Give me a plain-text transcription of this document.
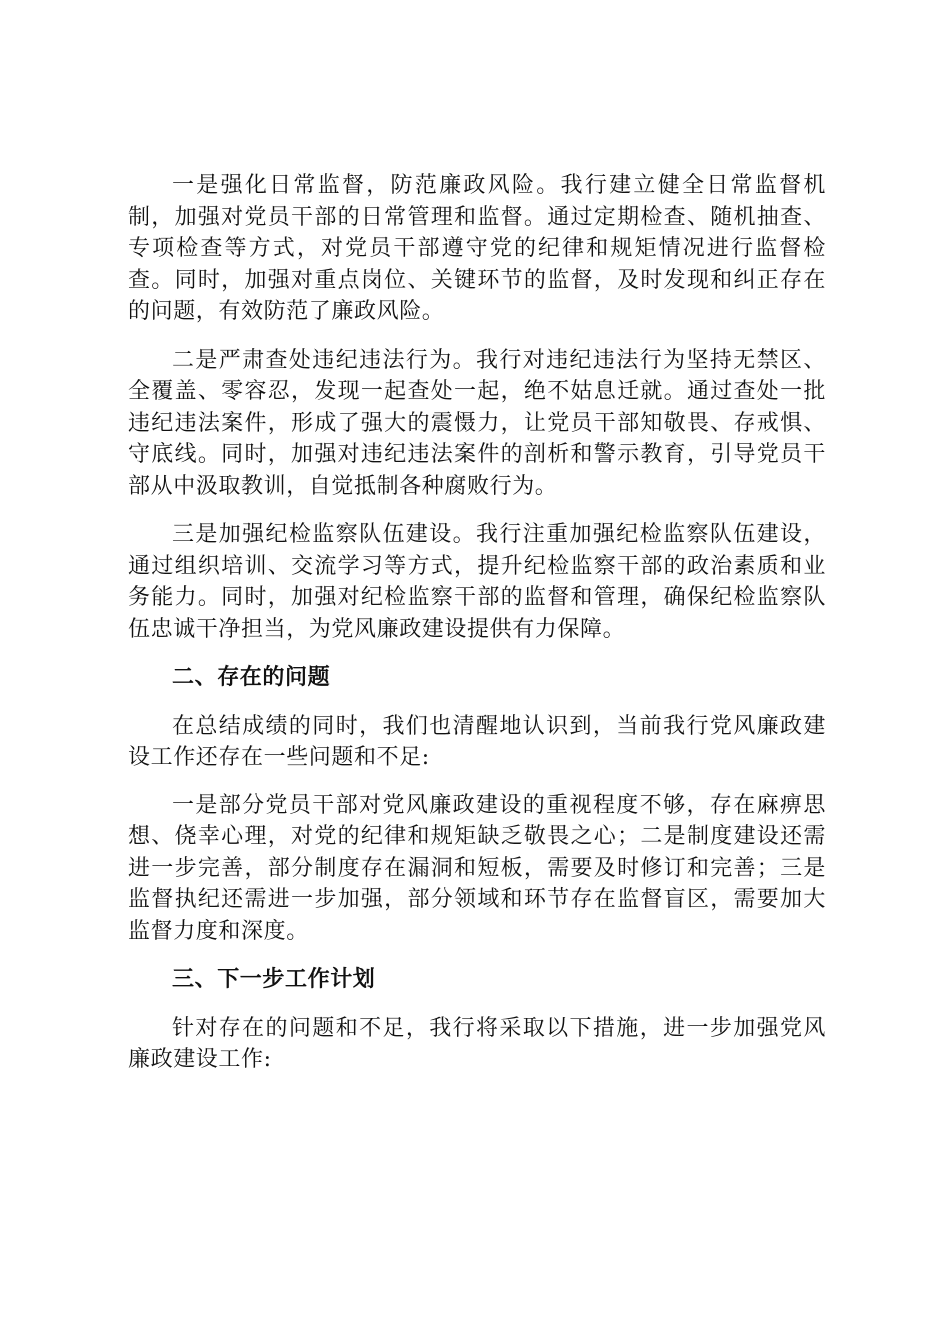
一是强化日常监督，防范廉政风险。我行建立健全日常监督机制，加强对党员干部的日常管理和监督。通过定期检查、随机抽查、专项检查等方式，对党员干部遵守党的纪律和规矩情况进行监督检查。同时，加强对重点岗位、关键环节的监督，及时发现和纠正存在的问题，有效防范了廉政风险。

二是严肃查处违纪违法行为。我行对违纪违法行为坚持无禁区、全覆盖、零容忍，发现一起查处一起，绝不姑息迁就。通过查处一批违纪违法案件，形成了强大的震慑力，让党员干部知敬畏、存戒惧、守底线。同时，加强对违纪违法案件的剖析和警示教育，引导党员干部从中汲取教训，自觉抵制各种腐败行为。

三是加强纪检监察队伍建设。我行注重加强纪检监察队伍建设，通过组织培训、交流学习等方式，提升纪检监察干部的政治素质和业务能力。同时，加强对纪检监察干部的监督和管理，确保纪检监察队伍忠诚干净担当，为党风廉政建设提供有力保障。

二、存在的问题

在总结成绩的同时，我们也清醒地认识到，当前我行党风廉政建设工作还存在一些问题和不足:

一是部分党员干部对党风廉政建设的重视程度不够，存在麻痹思想、侥幸心理，对党的纪律和规矩缺乏敬畏之心；二是制度建设还需进一步完善，部分制度存在漏洞和短板，需要及时修订和完善；三是监督执纪还需进一步加强，部分领域和环节存在监督盲区，需要加大监督力度和深度。

三、下一步工作计划

针对存在的问题和不足，我行将采取以下措施，进一步加强党风廉政建设工作:
